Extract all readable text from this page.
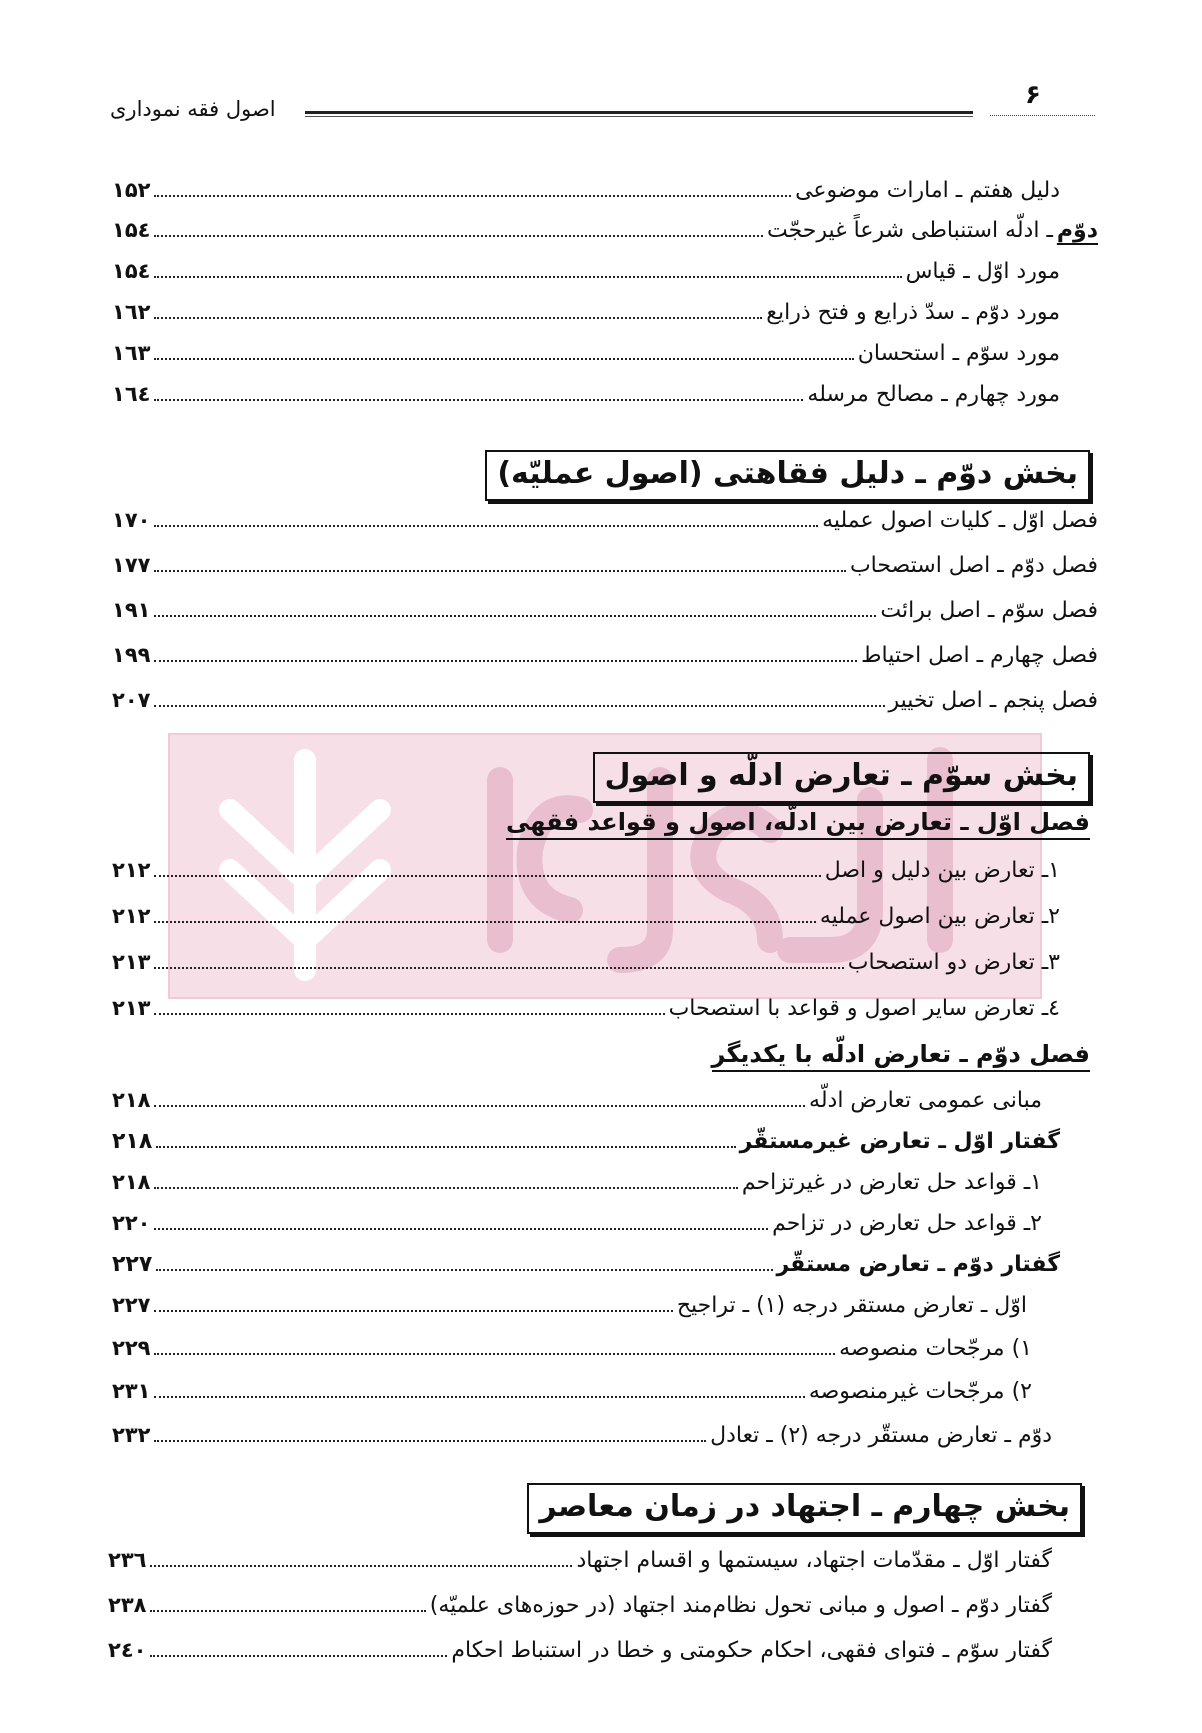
۶
اصول فقه نموداری
دلیل هفتم ـ امارات موضوعی
۱۵۲
دوّم
ـ ادلّه استنباطی شرعاً غیرحجّت
۱۵٤
مورد اوّل ـ قیاس
۱۵٤
مورد دوّم ـ سدّ ذرایع و فتح ذرایع
۱٦۲
مورد سوّم ـ استحسان
۱٦۳
مورد چهارم ـ مصالح مرسله
۱٦٤
بخش دوّم ـ دلیل فقاهتی (اصول عملیّه)
فصل اوّل ـ کلیات اصول عملیه
۱۷۰
فصل دوّم ـ اصل استصحاب
۱۷۷
فصل سوّم ـ اصل برائت
۱۹۱
فصل چهارم ـ اصل احتیاط
۱۹۹
فصل پنجم ـ اصل تخییر
۲۰۷
بخش سوّم ـ تعارض ادلّه و اصول
فصل اوّل ـ تعارض بین ادلّه، اصول و قواعد فقهی
۱ـ تعارض بین دلیل و اصل
۲۱۲
۲ـ تعارض بین اصول عملیه
۲۱۲
۳ـ تعارض دو استصحاب
۲۱۳
٤ـ تعارض سایر اصول و قواعد با استصحاب
۲۱۳
فصل دوّم ـ تعارض ادلّه با یکدیگر
مبانی عمومی تعارض ادلّه
۲۱۸
گفتار اوّل ـ تعارض غیرمستقّر
۲۱۸
۱ـ قواعد حل تعارض در غیرتزاحم
۲۱۸
۲ـ قواعد حل تعارض در تزاحم
۲۲۰
گفتار دوّم ـ تعارض مستقّر
۲۲۷
اوّل ـ تعارض مستقر درجه (۱) ـ تراجیح
۲۲۷
۱) مرجّحات منصوصه
۲۲۹
۲) مرجّحات غیرمنصوصه
۲۳۱
دوّم ـ تعارض مستقّر درجه (۲) ـ تعادل
۲۳۲
بخش چهارم ـ اجتهاد در زمان معاصر
گفتار اوّل ـ مقدّمات اجتهاد، سیستمها و اقسام اجتهاد
۲۳٦
گفتار دوّم ـ اصول و مبانی تحول نظام‌مند اجتهاد (در حوزه‌های علمیّه)
۲۳۸
گفتار سوّم ـ فتوای فقهی، احکام حکومتی و خطا در استنباط احکام
۲٤۰
